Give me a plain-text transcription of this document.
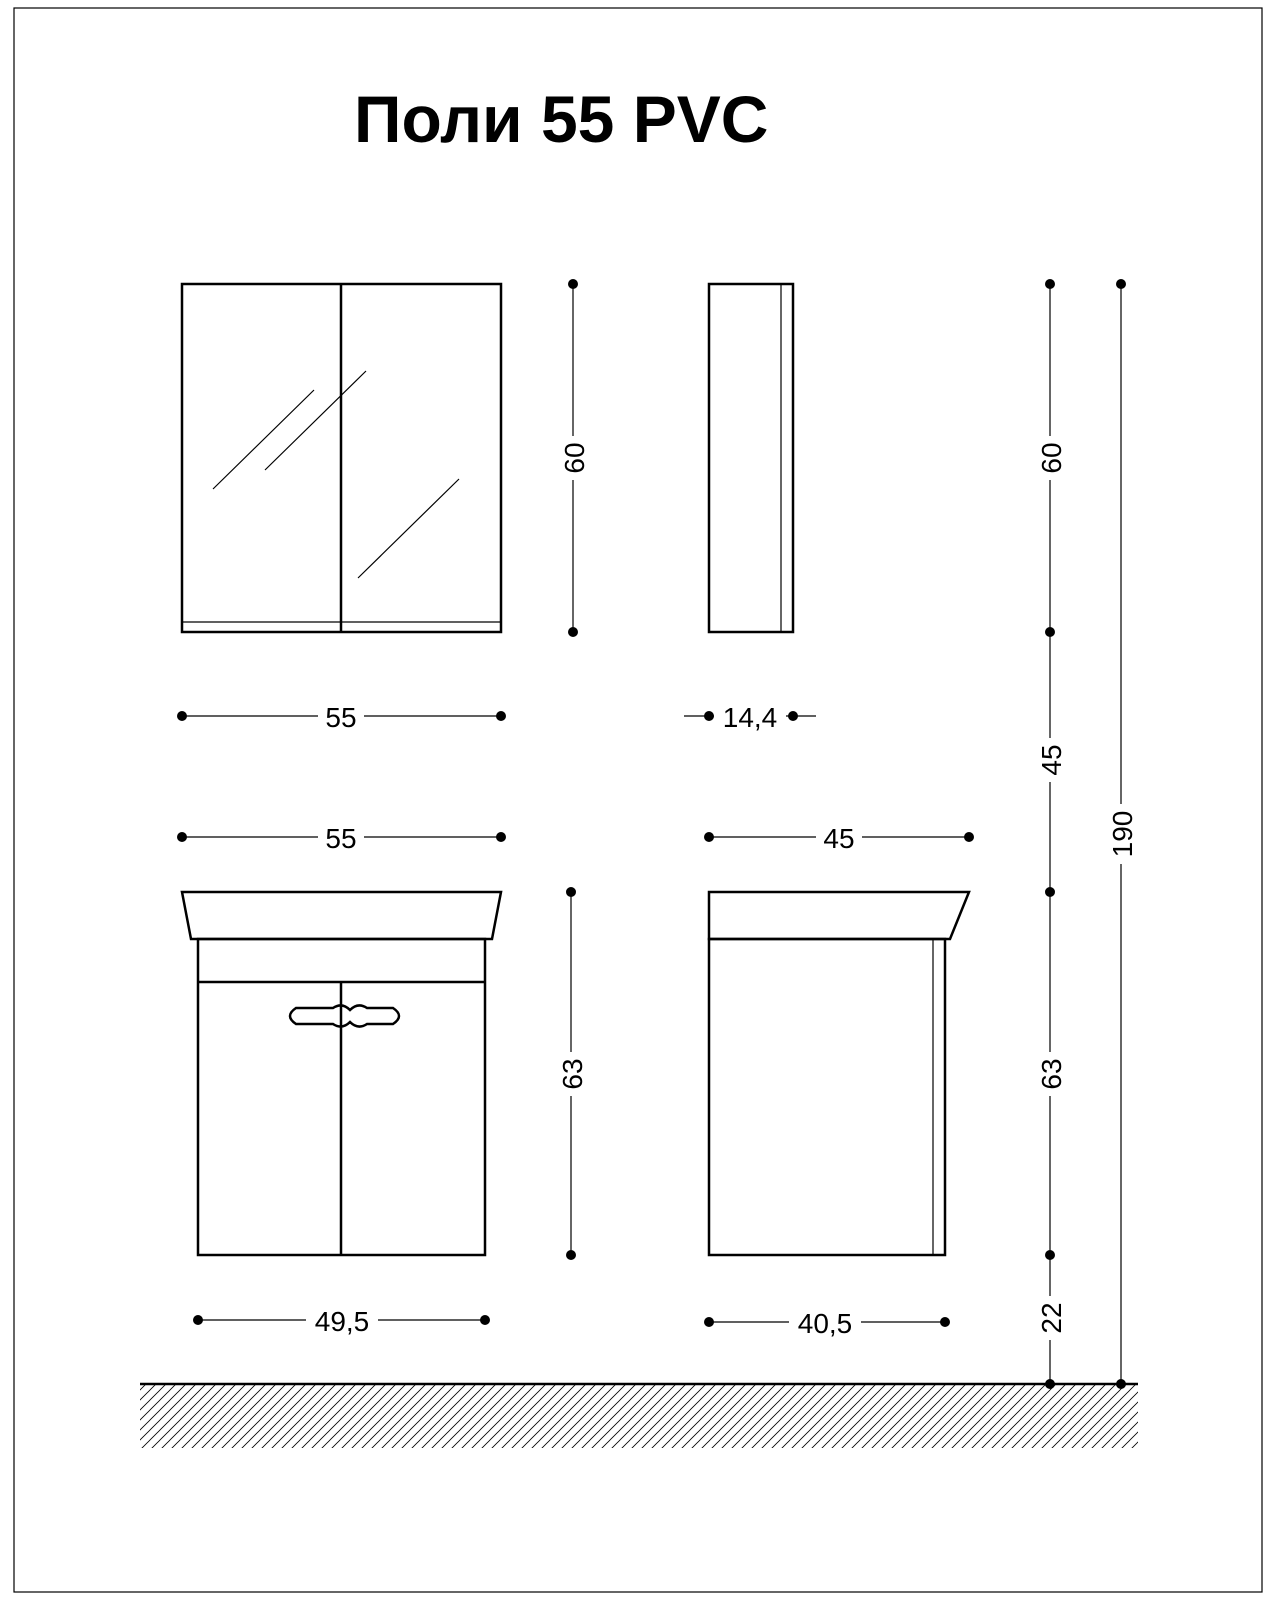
Поли 55 PVC
60
55	14,4
55	45
63
49,5	40,5
60
45
63
22
190
